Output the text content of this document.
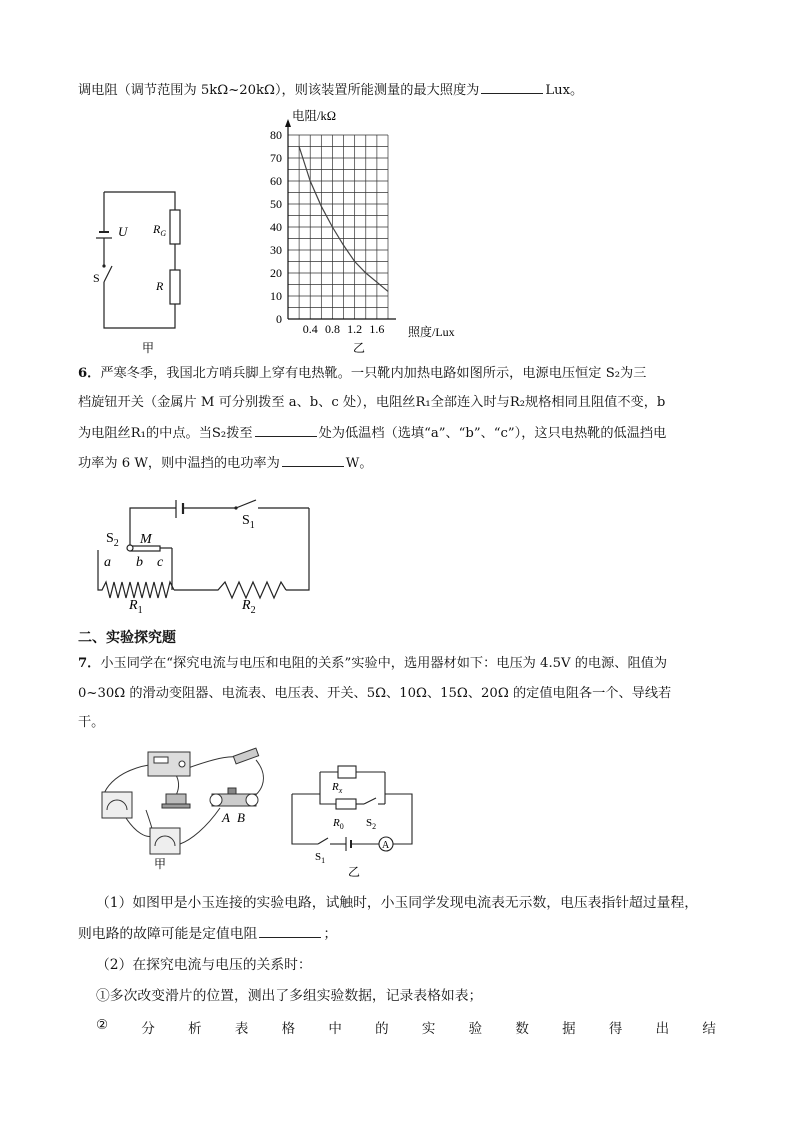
调电阻（调节范围为 5kΩ~20kΩ），则该装置所能测量的最大照度为	Lux。
U $R_G$
S
R
甲
0
10
20
30
40
50
60
70
80
0.4 0.8 1.2 1.6
电阻/kΩ
照度/Lux
乙
6．严寒冬季，我国北方哨兵脚上穿有电热靴。一只靴内加热电路如图所示，电源电压恒定 S₂为三
档旋钮开关（金属片 M 可分别拨至 a、b、c 处），电阻丝R₁全部连入时与R₂规格相同且阻值不变，b
为电阻丝R₁的中点。当S₂拨至	处为低温档（选填“a”、“b”、“c”），这只电热靴的低温挡电
功率为 6 W，则中温挡的电功率为	W。
$S_2$ M
a b c
$S_1$
$R_1$	$R_2$
二、实验探究题
7．小玉同学在“探究电流与电压和电阻的关系”实验中，选用器材如下：电压为 4.5V 的电源、阻值为
0~30Ω 的滑动变阻器、电流表、电压表、开关、5Ω、10Ω、15Ω、20Ω 的定值电阻各一个、导线若
干。
A B
甲
A
$R_x$
$R_0$ $S_2$
$S_1$
乙
（1）如图甲是小玉连接的实验电路，试触时，小玉同学发现电流表无示数，电压表指针超过量程，
则电路的故障可能是定值电阻	；
（2）在探究电流与电压的关系时：
①多次改变滑片的位置，测出了多组实验数据，记录表格如表；
② 分 析 表 格 中 的 实 验 数 据 得 出 结
